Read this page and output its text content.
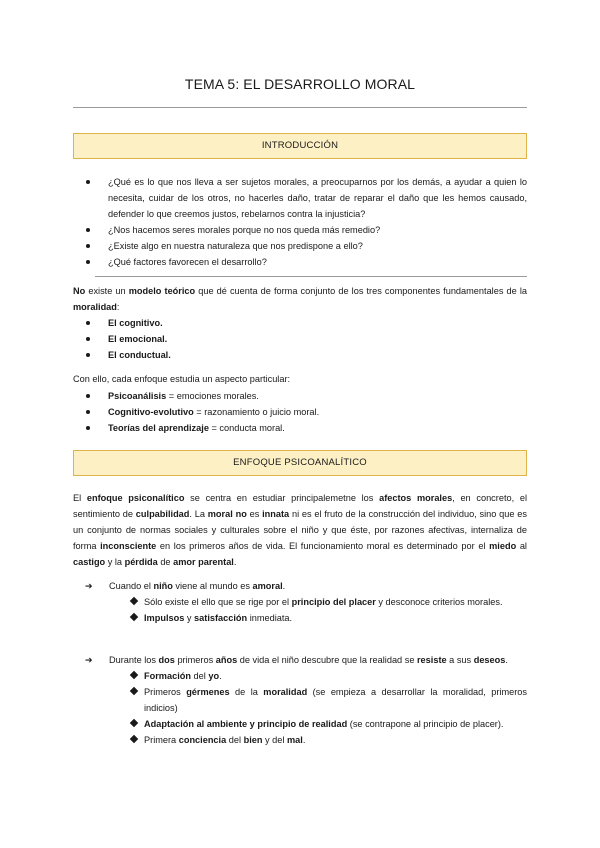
TEMA 5: EL DESARROLLO MORAL
INTRODUCCIÓN
¿Qué es lo que nos lleva a ser sujetos morales, a preocuparnos por los demás, a ayudar a quien lo necesita, cuidar de los otros, no hacerles daño, tratar de reparar el daño que les hemos causado, defender lo que creemos justos, rebelarnos contra la injusticia?
¿Nos hacemos seres morales porque no nos queda más remedio?
¿Existe algo en nuestra naturaleza que nos predispone a ello?
¿Qué factores favorecen el desarrollo?
No existe un modelo teórico que dé cuenta de forma conjunto de los tres componentes fundamentales de la moralidad:
El cognitivo.
El emocional.
El conductual.
Con ello, cada enfoque estudia un aspecto particular:
Psicoanálisis = emociones morales.
Cognitivo-evolutivo = razonamiento o juicio moral.
Teorías del aprendizaje = conducta moral.
ENFOQUE PSICOANALÍTICO
El enfoque psiconalítico se centra en estudiar principalemetne los afectos morales, en concreto, el sentimiento de culpabilidad. La moral no es innata ni es el fruto de la construcción del individuo, sino que es un conjunto de normas sociales y culturales sobre el niño y que éste, por razones afectivas, internaliza de forma inconsciente en los primeros años de vida. El funcionamiento moral es determinado por el miedo al castigo y la pérdida de amor parental.
➔ Cuando el niño viene al mundo es amoral.
Sólo existe el ello que se rige por el principio del placer y desconoce criterios morales.
Impulsos y satisfacción inmediata.
➔ Durante los dos primeros años de vida el niño descubre que la realidad se resiste a sus deseos.
Formación del yo.
Primeros gérmenes de la moralidad (se empieza a desarrollar la moralidad, primeros indicios)
Adaptación al ambiente y principio de realidad (se contrapone al principio de placer).
Primera conciencia del bien y del mal.
